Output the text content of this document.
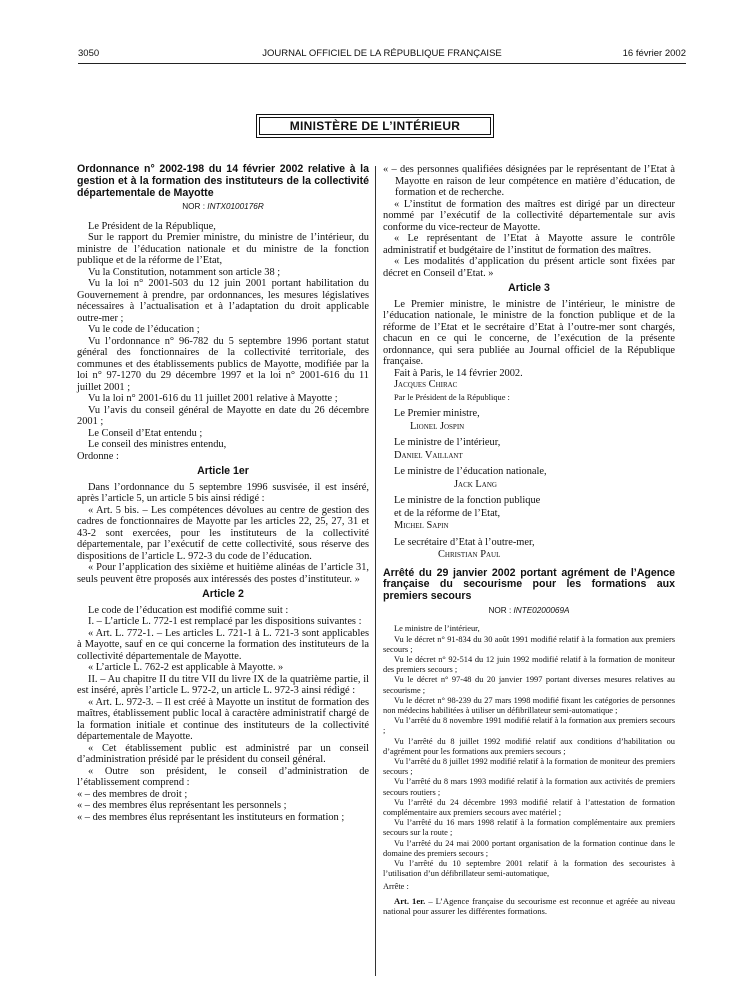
3050	JOURNAL OFFICIEL DE LA RÉPUBLIQUE FRANÇAISE	16 février 2002
MINISTÈRE DE L’INTÉRIEUR

Ordonnance n° 2002-198 du 14 février 2002 relative à la gestion et à la formation des instituteurs de la collectivité départementale de Mayotte

NOR : INTX0100176R

Le Président de la République,

Sur le rapport du Premier ministre, du ministre de l’intérieur, du ministre de l’éducation nationale et du ministre de la fonction publique et de la réforme de l’Etat,

Vu la Constitution, notamment son article 38 ;

Vu la loi n° 2001-503 du 12 juin 2001 portant habilitation du Gouvernement à prendre, par ordonnances, les mesures législatives nécessaires à l’actualisation et à l’adaptation du droit applicable outre-mer ;

Vu le code de l’éducation ;

Vu l’ordonnance n° 96-782 du 5 septembre 1996 portant statut général des fonctionnaires de la collectivité territoriale, des communes et des établissements publics de Mayotte, modifiée par la loi n° 97-1270 du 29 décembre 1997 et la loi n° 2001-616 du 11 juillet 2001 ;

Vu la loi n° 2001-616 du 11 juillet 2001 relative à Mayotte ;

Vu l’avis du conseil général de Mayotte en date du 26 décembre 2001 ;

Le Conseil d’Etat entendu ;

Le conseil des ministres entendu,

Ordonne :

Article 1er

Dans l’ordonnance du 5 septembre 1996 susvisée, il est inséré, après l’article 5, un article 5 bis ainsi rédigé :

« Art. 5 bis. – Les compétences dévolues au centre de gestion des cadres de fonctionnaires de Mayotte par les articles 22, 25, 27, 31 et 43-2 sont exercées, pour les instituteurs de la collectivité départementale, par l’exécutif de cette collectivité, sous réserve des dispositions de l’article L. 972-3 du code de l’éducation.

« Pour l’application des sixième et huitième alinéas de l’article 31, seuls peuvent être proposés aux intéressés des postes d’instituteur. »

Article 2

Le code de l’éducation est modifié comme suit :

I. – L’article L. 772-1 est remplacé par les dispositions suivantes :

« Art. L. 772-1. – Les articles L. 721-1 à L. 721-3 sont applicables à Mayotte, sauf en ce qui concerne la formation des instituteurs de la collectivité départementale de Mayotte.

« L’article L. 762-2 est applicable à Mayotte. »

II. – Au chapitre II du titre VII du livre IX de la quatrième partie, il est inséré, après l’article L. 972-2, un article L. 972-3 ainsi rédigé :

« Art. L. 972-3. – Il est créé à Mayotte un institut de formation des maîtres, établissement public local à caractère administratif chargé de la formation initiale et continue des instituteurs de la collectivité départementale de Mayotte.

« Cet établissement public est administré par un conseil d’administration présidé par le président du conseil général.

« Outre son président, le conseil d’administration de l’établissement comprend :

« – des membres de droit ;

« – des membres élus représentant les personnels ;

« – des membres élus représentant les instituteurs en formation ;

« – des personnes qualifiées désignées par le représentant de l’Etat à Mayotte en raison de leur compétence en matière d’éducation, de formation et de recherche.

« L’institut de formation des maîtres est dirigé par un directeur nommé par l’exécutif de la collectivité départementale sur avis conforme du vice-recteur de Mayotte.

« Le représentant de l’Etat à Mayotte assure le contrôle administratif et budgétaire de l’institut de formation des maîtres.

« Les modalités d’application du présent article sont fixées par décret en Conseil d’Etat. »

Article 3

Le Premier ministre, le ministre de l’intérieur, le ministre de l’éducation nationale, le ministre de la fonction publique et de la réforme de l’Etat et le secrétaire d’Etat à l’outre-mer sont chargés, chacun en ce qui le concerne, de l’exécution de la présente ordonnance, qui sera publiée au Journal officiel de la République française.

Fait à Paris, le 14 février 2002.

Jacques Chirac

Par le Président de la République :

Le Premier ministre,

Lionel Jospin

Le ministre de l’intérieur,

Daniel Vaillant

Le ministre de l’éducation nationale,

Jack Lang

Le ministre de la fonction publique

et de la réforme de l’Etat,

Michel Sapin

Le secrétaire d’Etat à l’outre-mer,

Christian Paul

Arrêté du 29 janvier 2002 portant agrément de l’Agence française du secourisme pour les formations aux premiers secours

NOR : INTE0200069A

Le ministre de l’intérieur,

Vu le décret n° 91-834 du 30 août 1991 modifié relatif à la formation aux premiers secours ;

Vu le décret n° 92-514 du 12 juin 1992 modifié relatif à la formation de moniteur des premiers secours ;

Vu le décret n° 97-48 du 20 janvier 1997 portant diverses mesures relatives au secourisme ;

Vu le décret n° 98-239 du 27 mars 1998 modifié fixant les catégories de personnes non médecins habilitées à utiliser un défibrillateur semi-automatique ;

Vu l’arrêté du 8 novembre 1991 modifié relatif à la formation aux premiers secours ;

Vu l’arrêté du 8 juillet 1992 modifié relatif aux conditions d’habilitation ou d’agrément pour les formations aux premiers secours ;

Vu l’arrêté du 8 juillet 1992 modifié relatif à la formation de moniteur des premiers secours ;

Vu l’arrêté du 8 mars 1993 modifié relatif à la formation aux activités de premiers secours routiers ;

Vu l’arrêté du 24 décembre 1993 modifié relatif à l’attestation de formation complémentaire aux premiers secours avec matériel ;

Vu l’arrêté du 16 mars 1998 relatif à la formation complémentaire aux premiers secours sur la route ;

Vu l’arrêté du 24 mai 2000 portant organisation de la formation continue dans le domaine des premiers secours ;

Vu l’arrêté du 10 septembre 2001 relatif à la formation des secouristes à l’utilisation d’un défibrillateur semi-automatique,

Arrête :

Art. 1er. – L’Agence française du secourisme est reconnue et agréée au niveau national pour assurer les différentes formations.
